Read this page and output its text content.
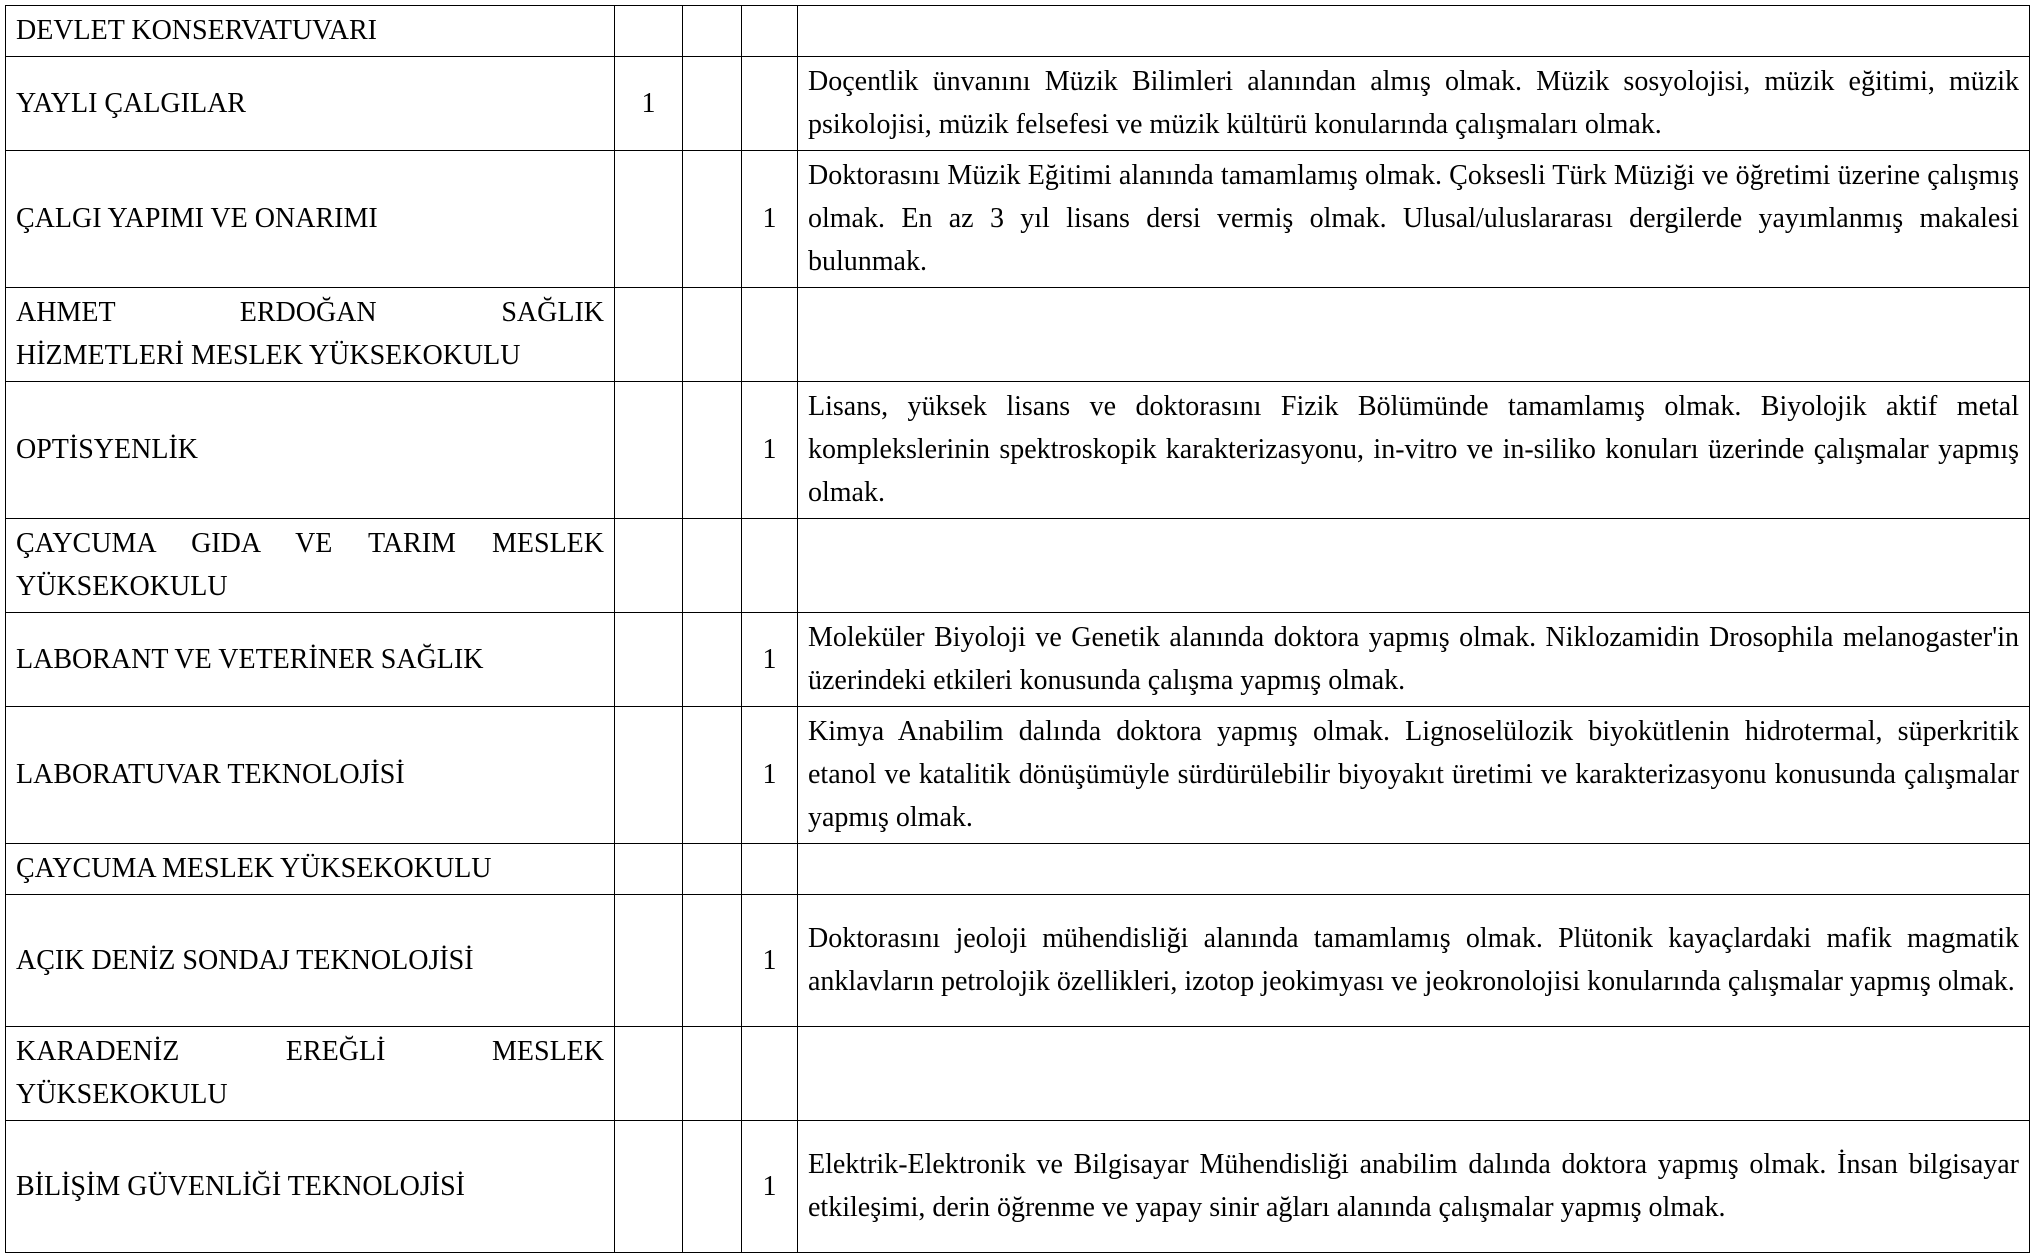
DEVLET KONSERVATUVARI				
YAYLI ÇALGILAR	1			Doçentlik ünvanını Müzik Bilimleri alanından almış olmak. Müzik sosyolojisi, müzik eğitimi, müzik psikolojisi, müzik felsefesi ve müzik kültürü konularında çalışmaları olmak.
ÇALGI YAPIMI VE ONARIMI			1	Doktorasını Müzik Eğitimi alanında tamamlamış olmak. Çoksesli Türk Müziği ve öğretimi üzerine çalışmış olmak. En az 3 yıl lisans dersi vermiş olmak. Ulusal/uluslararası dergilerde yayımlanmış makalesi bulunmak.
AHMET ERDOĞAN SAĞLIK
HİZMETLERİ MESLEK YÜKSEKOKULU				

OPTİSYENLİK			1	Lisans, yüksek lisans ve doktorasını Fizik Bölümünde tamamlamış olmak. Biyolojik aktif metal komplekslerinin spektroskopik karakterizasyonu, in-vitro ve in-siliko konuları üzerinde çalışmalar yapmış olmak.
ÇAYCUMA GIDA VE TARIM MESLEK
YÜKSEKOKULU				

LABORANT VE VETERİNER SAĞLIK			1	Moleküler Biyoloji ve Genetik alanında doktora yapmış olmak. Niklozamidin Drosophila melanogaster'in üzerindeki etkileri konusunda çalışma yapmış olmak.
LABORATUVAR TEKNOLOJİSİ			1	Kimya Anabilim dalında doktora yapmış olmak. Lignoselülozik biyokütlenin hidrotermal, süperkritik etanol ve katalitik dönüşümüyle sürdürülebilir biyoyakıt üretimi ve karakterizasyonu konusunda çalışmalar yapmış olmak.
ÇAYCUMA MESLEK YÜKSEKOKULU				
AÇIK DENİZ SONDAJ TEKNOLOJİSİ			1	Doktorasını jeoloji mühendisliği alanında tamamlamış olmak. Plütonik kayaçlardaki mafik magmatik anklavların petrolojik özellikleri, izotop jeokimyası ve jeokronolojisi konularında çalışmalar yapmış olmak.
KARADENİZ EREĞLİ MESLEK
YÜKSEKOKULU				

BİLİŞİM GÜVENLİĞİ TEKNOLOJİSİ			1	Elektrik-Elektronik ve Bilgisayar Mühendisliği anabilim dalında doktora yapmış olmak. İnsan bilgisayar etkileşimi, derin öğrenme ve yapay sinir ağları alanında çalışmalar yapmış olmak.
